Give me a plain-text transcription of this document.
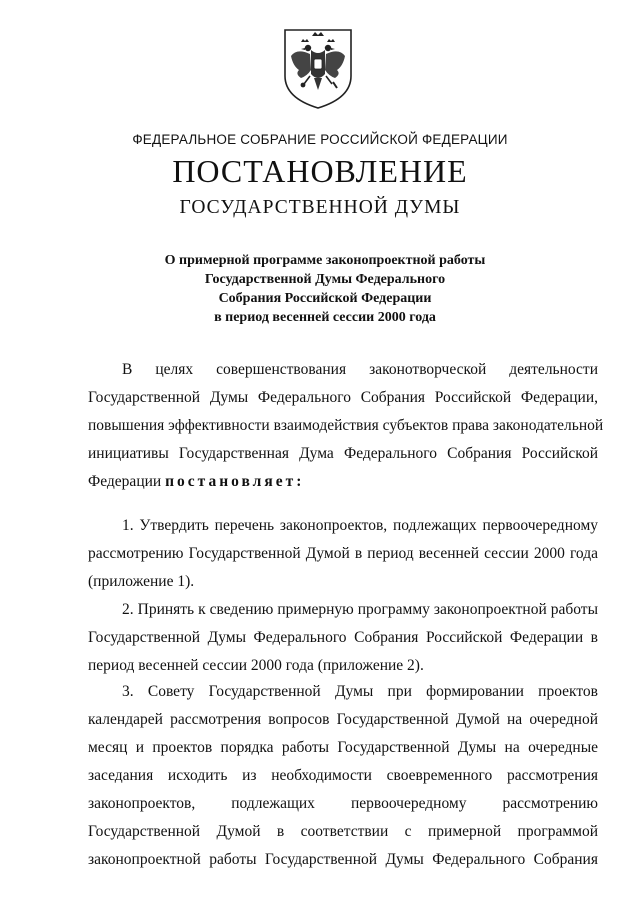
ФЕДЕРАЛЬНОЕ СОБРАНИЕ РОССИЙСКОЙ ФЕДЕРАЦИИ
ПОСТАНОВЛЕНИЕ
ГОСУДАРСТВЕННОЙ ДУМЫ
О примерной программе законопроектной работы
Государственной Думы Федерального
Собрания Российской Федерации
в период весенней сессии 2000 года
В целях совершенствования законотворческой деятельности
Государственной Думы Федерального Собрания Российской Федерации,
повышения эффективности взаимодействия субъектов права законодательной
инициативы Государственная Дума Федерального Собрания Российской
Федерации постановляет:
1. Утвердить перечень законопроектов, подлежащих первоочередному
рассмотрению Государственной Думой в период весенней сессии 2000 года
(приложение 1).
2. Принять к сведению примерную программу законопроектной работы
Государственной Думы Федерального Собрания Российской Федерации в
период весенней сессии 2000 года (приложение 2).
3. Совету Государственной Думы при формировании проектов
календарей рассмотрения вопросов Государственной Думой на очередной
месяц и проектов порядка работы Государственной Думы на очередные
заседания исходить из необходимости своевременного рассмотрения
законопроектов, подлежащих первоочередному рассмотрению
Государственной Думой в соответствии с примерной программой
законопроектной работы Государственной Думы Федерального Собрания
